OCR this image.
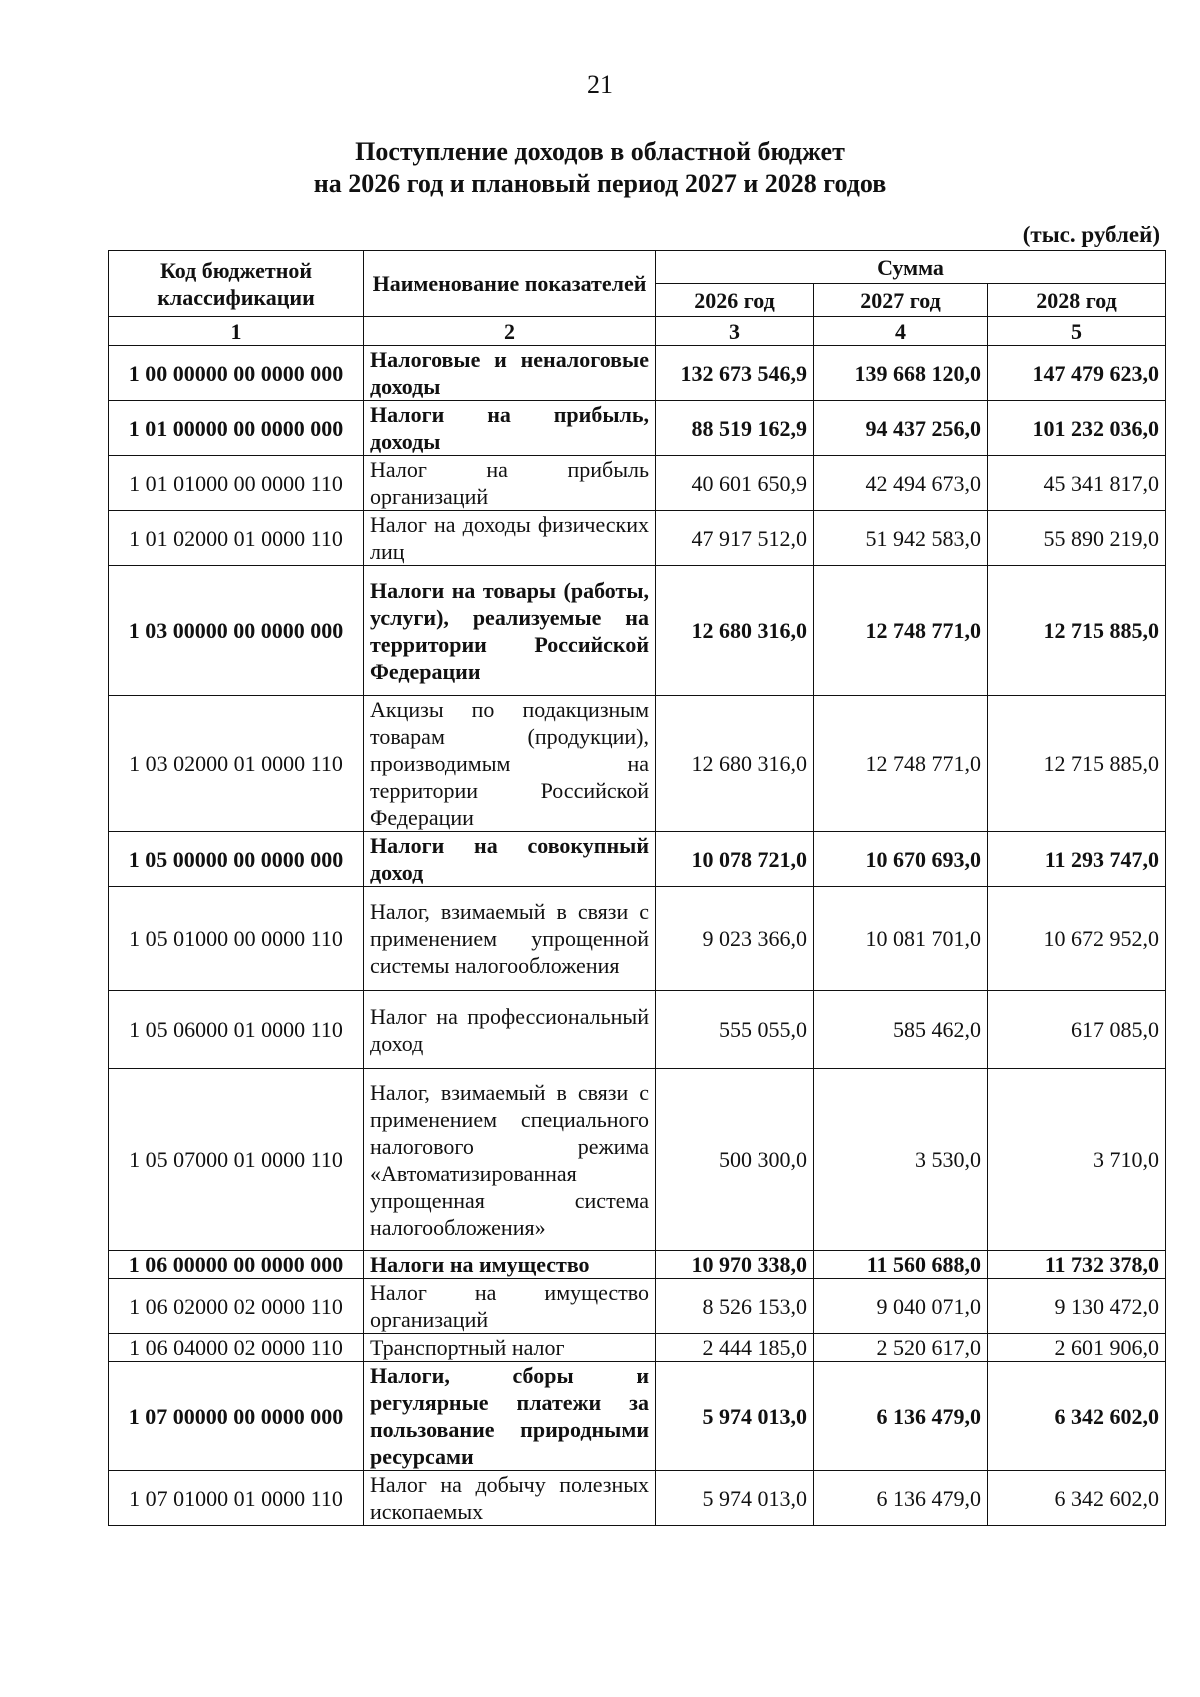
21
Поступление доходов в областной бюджет
на 2026 год и плановый период 2027 и 2028 годов
(тыс. рублей)
Код бюджетной классификации	Наименование показателей	Сумма		
		2026 год	2027 год	2028 год
1	2	3	4	5
1 00 00000 00 0000 000	Налоговые и неналоговые доходы	132 673 546,9	139 668 120,0	147 479 623,0
1 01 00000 00 0000 000	Налоги на прибыль, доходы	88 519 162,9	94 437 256,0	101 232 036,0
1 01 01000 00 0000 110	Налог на прибыль организаций	40 601 650,9	42 494 673,0	45 341 817,0
1 01 02000 01 0000 110	Налог на доходы физических лиц	47 917 512,0	51 942 583,0	55 890 219,0
1 03 00000 00 0000 000	Налоги на товары (работы, услуги), реализуемые на территории Российской Федерации	12 680 316,0	12 748 771,0	12 715 885,0
1 03 02000 01 0000 110	Акцизы по подакцизным товарам (продукции), производимым на территории Российской Федерации	12 680 316,0	12 748 771,0	12 715 885,0
1 05 00000 00 0000 000	Налоги на совокупный доход	10 078 721,0	10 670 693,0	11 293 747,0
1 05 01000 00 0000 110	Налог, взимаемый в связи с применением упрощенной системы налогообложения	9 023 366,0	10 081 701,0	10 672 952,0
1 05 06000 01 0000 110	Налог на профессиональный доход	555 055,0	585 462,0	617 085,0
1 05 07000 01 0000 110	Налог, взимаемый в связи с применением специального налогового режима «Автоматизированная упрощенная система налогообложения»	500 300,0	3 530,0	3 710,0
1 06 00000 00 0000 000	Налоги на имущество	10 970 338,0	11 560 688,0	11 732 378,0
1 06 02000 02 0000 110	Налог на имущество организаций	8 526 153,0	9 040 071,0	9 130 472,0
1 06 04000 02 0000 110	Транспортный налог	2 444 185,0	2 520 617,0	2 601 906,0
1 07 00000 00 0000 000	Налоги, сборы и регулярные платежи за пользование природными ресурсами	5 974 013,0	6 136 479,0	6 342 602,0
1 07 01000 01 0000 110	Налог на добычу полезных ископаемых	5 974 013,0	6 136 479,0	6 342 602,0
